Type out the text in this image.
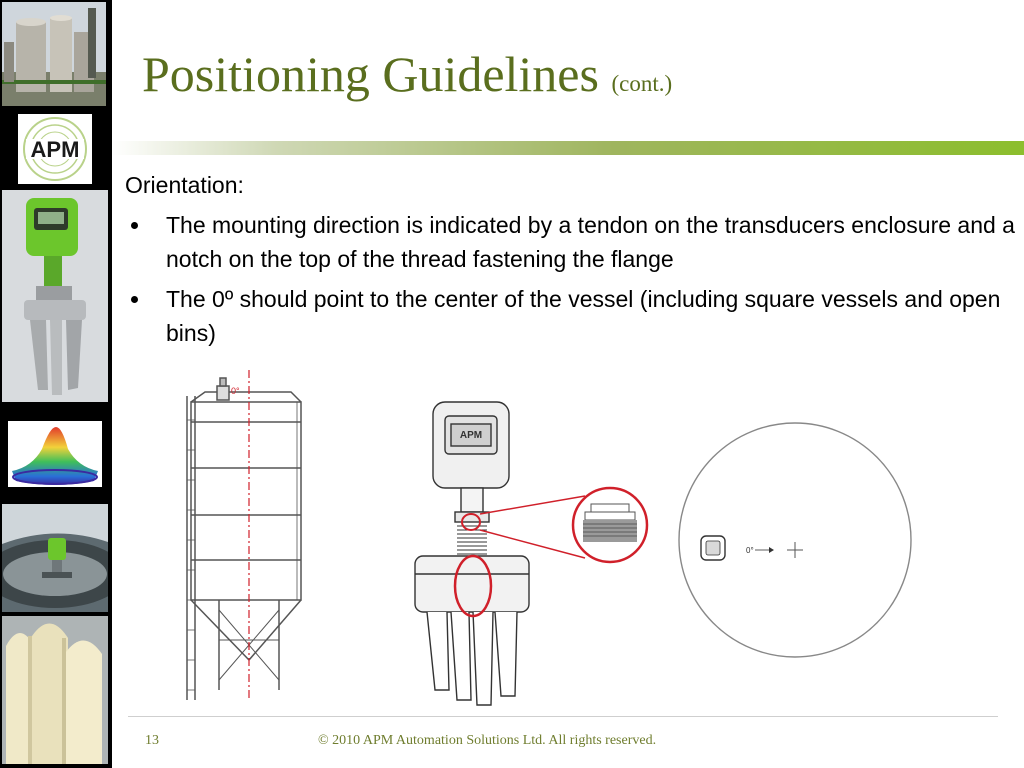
APM
Positioning Guidelines (cont.)

Orientation:

The mounting direction is indicated by a tendon on the transducers enclosure and a notch on the top of the thread fastening the flange
The 0º should point to the center of the vessel (including square vessels and open bins)
0°
APM
0°
13	© 2010 APM Automation Solutions Ltd. All rights reserved.
